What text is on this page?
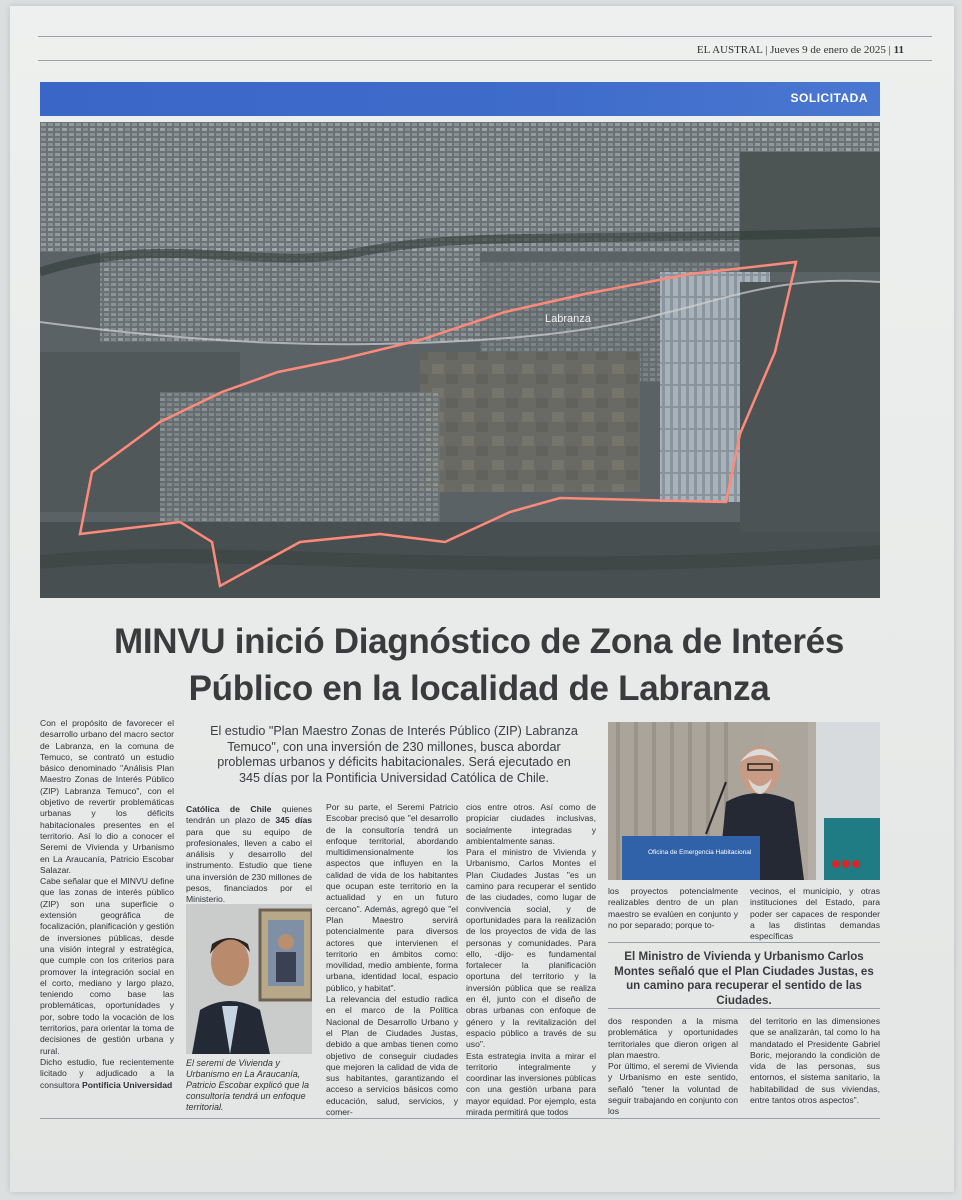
EL AUSTRAL | Jueves 9 de enero de 2025 | 11
SOLICITADA
Labranza
MINVU inició Diagnóstico de Zona de Interés
Público en la localidad de Labranza

Con el propósito de favorecer el desarrollo urbano del macro sector de Labranza, en la comuna de Temuco, se contrató un estudio básico denominado "Análisis Plan Maestro Zonas de Interés Público (ZIP) Labranza Temuco", con el objetivo de revertir problemáticas urbanas y los déficits habitacionales presentes en el territorio. Así lo dio a conocer el Seremi de Vivienda y Urbanismo en La Araucanía, Patricio Escobar Salazar.

Cabe señalar que el MINVU define que las zonas de interés público (ZIP) son una superficie o extensión geográfica de focalización, planificación y gestión de inversiones públicas, desde una visión integral y estratégica, que cumple con los criterios para promover la integración social en el corto, mediano y largo plazo, teniendo como base las problemáticas, oportunidades y por, sobre todo la vocación de los territorios, para orientar la toma de decisiones de gestión urbana y rural.

Dicho estudio, fue recientemente licitado y adjudicado a la consultora Pontificia Universidad

El estudio "Plan Maestro Zonas de Interés Público (ZIP) Labranza Temuco", con una inversión de 230 millones, busca abordar problemas urbanos y déficits habitacionales. Será ejecutado en 345 días por la Pontificia Universidad Católica de Chile.

Católica de Chile quienes tendrán un plazo de 345 días para que su equipo de profesionales, lleven a cabo el análisis y desarrollo del instrumento. Estudio que tiene una inversión de 230 millones de pesos, financiados por el Ministerio.

El seremi de Vivienda y Urbanismo en La Araucanía, Patricio Escobar explicó que la consultoría tendrá un enfoque territorial.

Por su parte, el Seremi Patricio Escobar precisó que "el desarrollo de la consultoría tendrá un enfoque territorial, abordando multidimensionalmente los aspectos que influyen en la calidad de vida de los habitantes que ocupan este territorio en la actualidad y en un futuro cercano". Además, agregó que "el Plan Maestro servirá potencialmente para diversos actores que intervienen el territorio en ámbitos como: movilidad, medio ambiente, forma urbana, identidad local, espacio público, y habitat".

La relevancia del estudio radica en el marco de la Política Nacional de Desarrollo Urbano y el Plan de Ciudades Justas, debido a que ambas tienen como objetivo de conseguir ciudades que mejoren la calidad de vida de sus habitantes, garantizando el acceso a servicios básicos como educación, salud, servicios, y comer-

cios entre otros. Así como de propiciar ciudades inclusivas, socialmente integradas y ambientalmente sanas.

Para el ministro de Vivienda y Urbanismo, Carlos Montes el Plan Ciudades Justas "es un camino para recuperar el sentido de las ciudades, como lugar de convivencia social, y de oportunidades para la realización de los proyectos de vida de las personas y comunidades. Para ello, -dijo- es fundamental fortalecer la planificación oportuna del territorio y la inversión pública que se realiza en él, junto con el diseño de obras urbanas con enfoque de género y la revitalización del espacio público a través de su uso".

Esta estrategia invita a mirar el territorio integralmente y coordinar las inversiones públicas con una gestión urbana para mayor equidad. Por ejemplo, esta mirada permitirá que todos

Oficina de Emergencia Habitacional
los proyectos potencialmente realizables dentro de un plan maestro se evalúen en conjunto y no por separado; porque to-
vecinos, el municipio, y otras instituciones del Estado, para poder ser capaces de responder a las distintas demandas específicas
El Ministro de Vivienda y Urbanismo Carlos Montes señaló que el Plan Ciudades Justas, es un camino para recuperar el sentido de las Ciudades.
dos responden a la misma problemática y oportunidades territoriales que dieron origen al plan maestro.
Por último, el seremi de Vivienda y Urbanismo en este sentido, señaló "tener la voluntad de seguir trabajando en conjunto con los
del territorio en las dimensiones que se analizarán, tal como lo ha mandatado el Presidente Gabriel Boric, mejorando la condición de vida de las personas, sus entornos, el sistema sanitario, la habitabilidad de sus viviendas, entre tantos otros aspectos".
